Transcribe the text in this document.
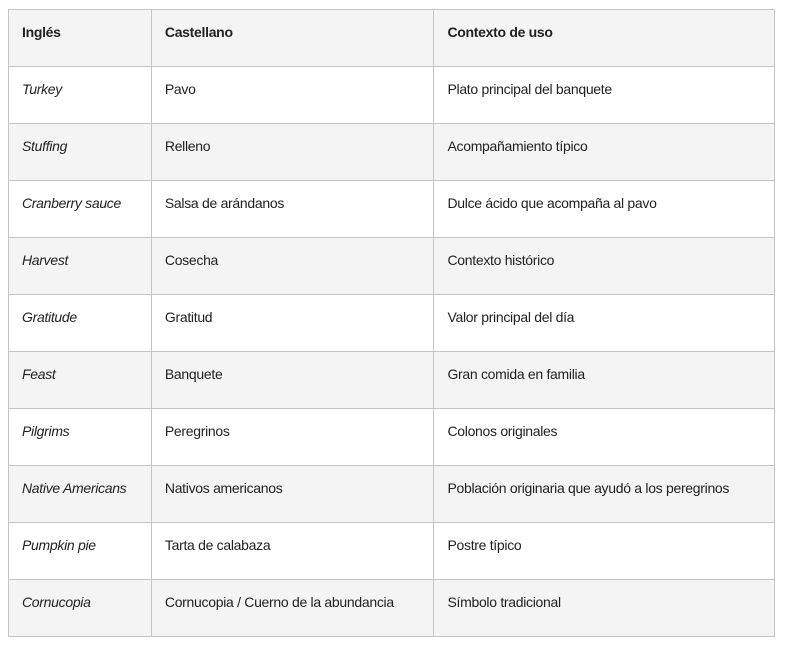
Inglés	Castellano	Contexto de uso
Turkey	Pavo	Plato principal del banquete
Stuffing	Relleno	Acompañamiento típico
Cranberry sauce	Salsa de arándanos	Dulce ácido que acompaña al pavo
Harvest	Cosecha	Contexto histórico
Gratitude	Gratitud	Valor principal del día
Feast	Banquete	Gran comida en familia
Pilgrims	Peregrinos	Colonos originales
Native Americans	Nativos americanos	Población originaria que ayudó a los peregrinos
Pumpkin pie	Tarta de calabaza	Postre típico
Cornucopia	Cornucopia / Cuerno de la abundancia	Símbolo tradicional
